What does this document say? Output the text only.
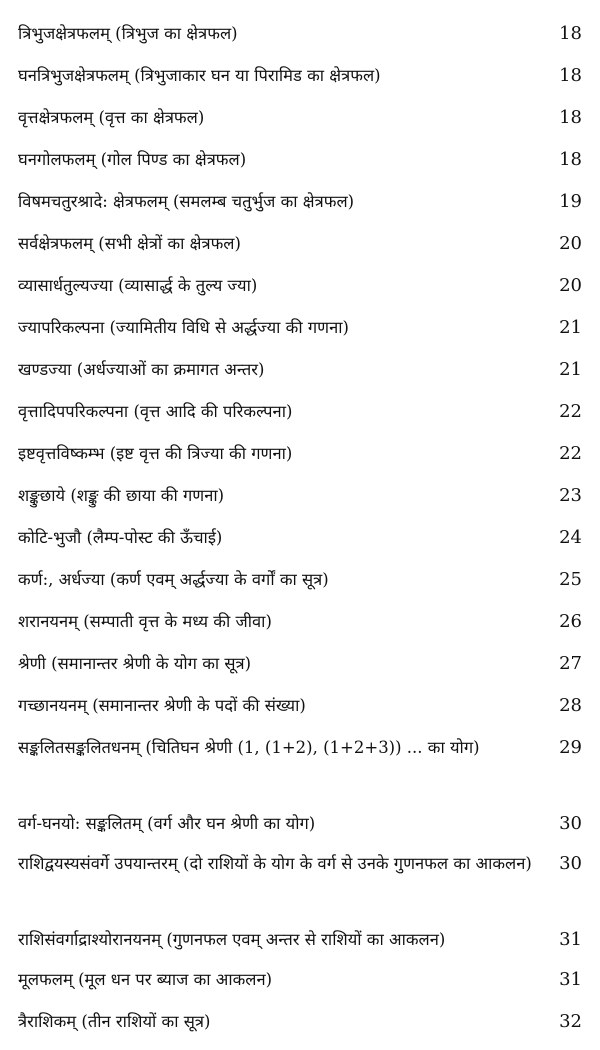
त्रिभुजक्षेत्रफलम् (त्रिभुज का क्षेत्रफल)	18
घनत्रिभुजक्षेत्रफलम् (त्रिभुजाकार घन या पिरामिड का क्षेत्रफल)	18
वृत्तक्षेत्रफलम् (वृत्त का क्षेत्रफल)	18
घनगोलफलम् (गोल पिण्ड का क्षेत्रफल)	18
विषमचतुरश्रादे: क्षेत्रफलम् (समलम्ब चतुर्भुज का क्षेत्रफल)	19
सर्वक्षेत्रफलम् (सभी क्षेत्रों का क्षेत्रफल)	20
व्यासार्धतुल्यज्या (व्यासार्द्ध के तुल्य ज्या)	20
ज्यापरिकल्पना (ज्यामितीय विधि से अर्द्धज्या की गणना)	21
खण्डज्या (अर्धज्याओं का क्रमागत अन्तर)	21
वृत्तादिपपरिकल्पना (वृत्त आदि की परिकल्पना)	22
इष्टवृत्तविष्कम्भ (इष्ट वृत्त की त्रिज्या की गणना)	22
शङ्कुछाये (शङ्कु की छाया की गणना)	23
कोटि-भुजौ (लैम्प-पोस्ट की ऊँचाई)	24
कर्ण:, अर्धज्या (कर्ण एवम् अर्द्धज्या के वर्गों का सूत्र)	25
शरानयनम् (सम्पाती वृत्त के मध्य की जीवा)	26
श्रेणी (समानान्तर श्रेणी के योग का सूत्र)	27
गच्छानयनम् (समानान्तर श्रेणी के पदों की संख्या)	28
सङ्कलितसङ्कलितधनम् (चितिघन श्रेणी (1, (1+2), (1+2+3)) ... का योग)	29
वर्ग-घनयो: सङ्कलितम् (वर्ग और घन श्रेणी का योग)	30
राशिद्वयस्यसंवर्गे उपयान्तरम् (दो राशियों के योग के वर्ग से उनके गुणनफल का आकलन)	30
राशिसंवर्गाद्राश्योरानयनम् (गुणनफल एवम् अन्तर से राशियों का आकलन)	31
मूलफलम् (मूल धन पर ब्याज का आकलन)	31
त्रैराशिकम् (तीन राशियों का सूत्र)	32
